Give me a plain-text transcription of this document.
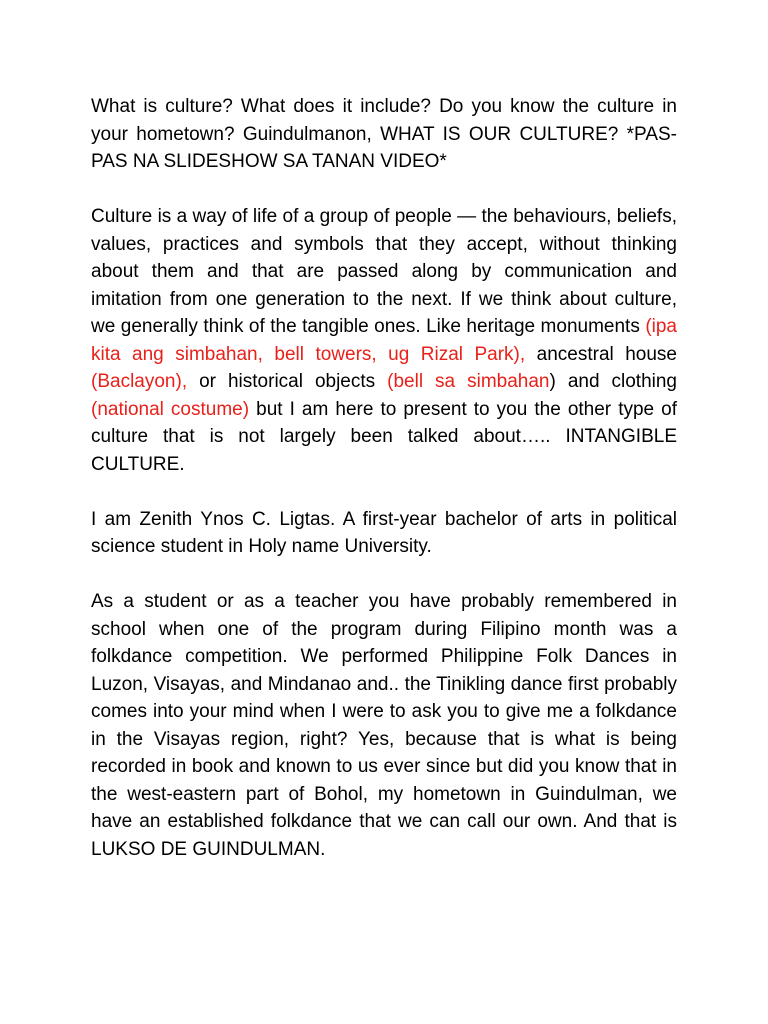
What is culture? What does it include? Do you know the culture in your hometown? Guindulmanon, WHAT IS OUR CULTURE? *PAS-PAS NA SLIDESHOW SA TANAN VIDEO*

Culture is a way of life of a group of people — the behaviours, beliefs, values, practices and symbols that they accept, without thinking about them and that are passed along by communication and imitation from one generation to the next. If we think about culture, we generally think of the tangible ones. Like heritage monuments (ipa kita ang simbahan, bell towers, ug Rizal Park), ancestral house (Baclayon), or historical objects (bell sa simbahan) and clothing (national costume) but I am here to present to you the other type of culture that is not largely been talked about….. INTANGIBLE CULTURE.

I am Zenith Ynos C. Ligtas. A first-year bachelor of arts in political science student in Holy name University.

As a student or as a teacher you have probably remembered in school when one of the program during Filipino month was a folkdance competition. We performed Philippine Folk Dances in Luzon, Visayas, and Mindanao and.. the Tinikling dance first probably comes into your mind when I were to ask you to give me a folkdance in the Visayas region, right? Yes, because that is what is being recorded in book and known to us ever since but did you know that in the west-eastern part of Bohol, my hometown in Guindulman, we have an established folkdance that we can call our own. And that is LUKSO DE GUINDULMAN.
